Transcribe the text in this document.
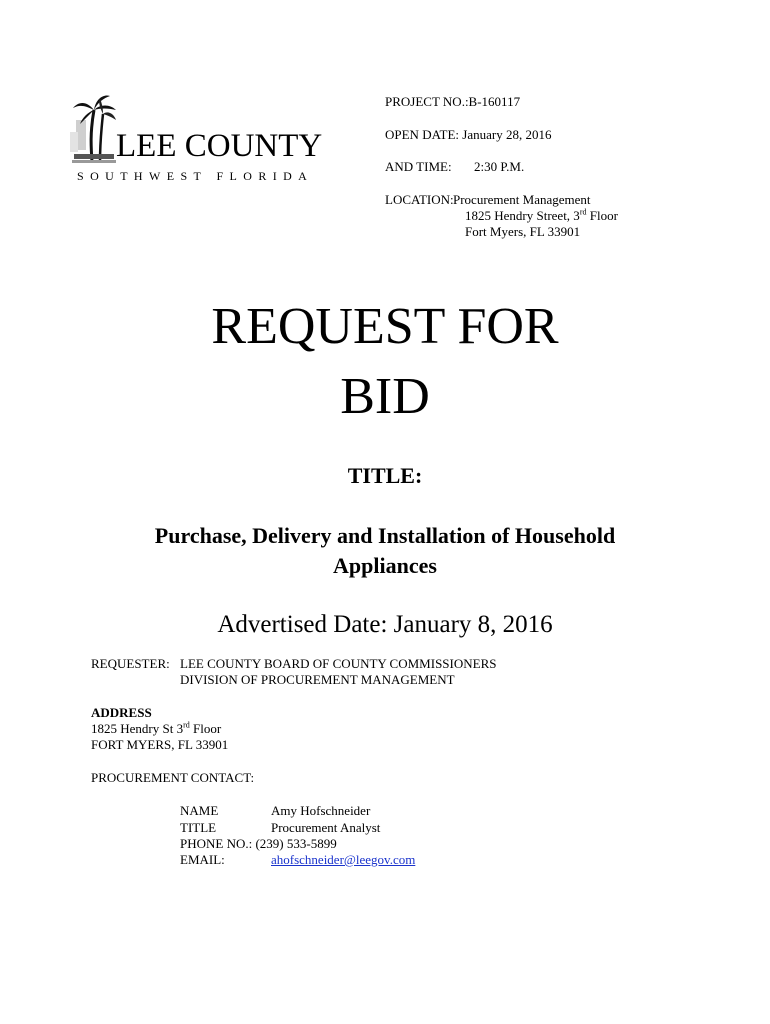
LEE COUNTY
SOUTHWEST FLORIDA
PROJECT NO.:B-160117
OPEN DATE: January 28, 2016
AND TIME: 2:30 P.M.
LOCATION: Procurement Management
1825 Hendry Street, 3rd Floor
Fort Myers, FL 33901
REQUEST FOR
BID
TITLE:
Purchase, Delivery and Installation of Household
Appliances
Advertised Date: January 8, 2016
REQUESTER: LEE COUNTY BOARD OF COUNTY COMMISSIONERS
DIVISION OF PROCUREMENT MANAGEMENT
ADDRESS
1825 Hendry St 3rd Floor
FORT MYERS, FL 33901
PROCUREMENT CONTACT:
NAME	Amy Hofschneider
TITLE	Procurement Analyst
PHONE NO.: (239) 533-5899
EMAIL:	ahofschneider@leegov.com
